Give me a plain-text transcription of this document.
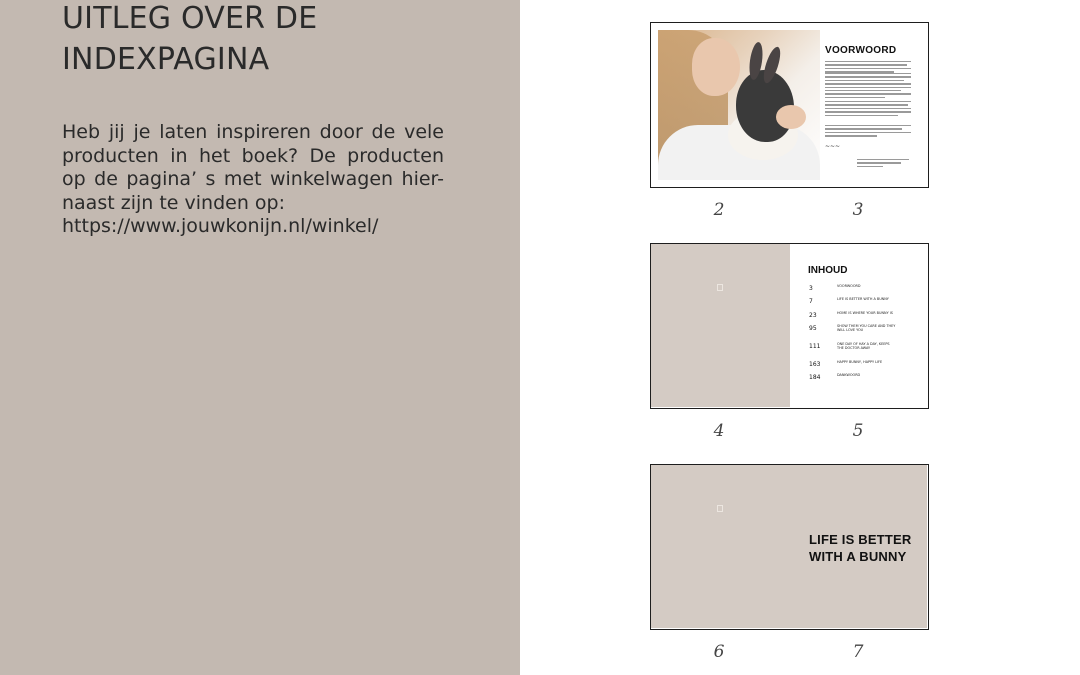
UITLEG OVER DE
INDEXPAGINA
Heb jij je laten inspireren door de vele producten in het boek? De producten op de pagina’ s met winkelwagen hier-naast zijn te vinden op:
https://www.jouwkonijn.nl/winkel/
VOORWOORD
~~~
2	3
INHOUD
3	VOORWOORD
7	LIFE IS BETTER WITH A BUNNY
23	HOME IS WHERE YOUR BUNNY IS
95	SHOW THEM YOU CARE AND THEY WILL LOVE YOU
111	ONE DAY OF HAY A DAY, KEEPS THE DOCTOR AWAY
163	HAPPY BUNNY, HAPPY LIFE
184	DANKWOORD
4	5
LIFE IS BETTER
WITH A BUNNY
6	7
